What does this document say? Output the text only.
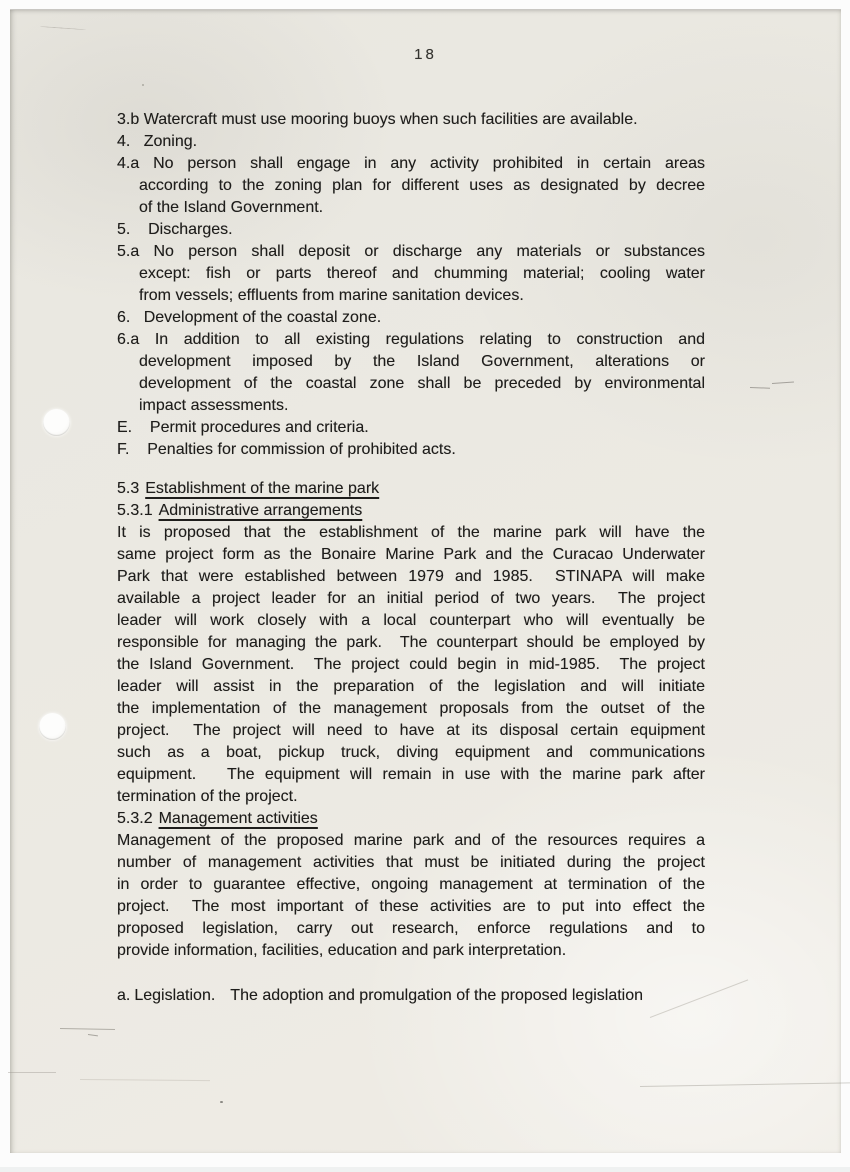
18
3.b Watercraft must use mooring buoys when such facilities are available.
4. Zoning.
4.a No person shall engage in any activity prohibited in certain areas
according to the zoning plan for different uses as designated by decree
of the Island Government.
5. Discharges.
5.a No person shall deposit or discharge any materials or substances
except: fish or parts thereof and chumming material; cooling water
from vessels; effluents from marine sanitation devices.
6. Development of the coastal zone.
6.a In addition to all existing regulations relating to construction and
development imposed by the Island Government, alterations or
development of the coastal zone shall be preceded by environmental
impact assessments.
E. Permit procedures and criteria.
F. Penalties for commission of prohibited acts.
5.3 Establishment of the marine park
5.3.1 Administrative arrangements
It is proposed that the establishment of the marine park will have the
same project form as the Bonaire Marine Park and the Curacao Underwater
Park that were established between 1979 and 1985.  STINAPA will make
available a project leader for an initial period of two years.  The project
leader will work closely with a local counterpart who will eventually be
responsible for managing the park.  The counterpart should be employed by
the Island Government.  The project could begin in mid-1985.  The project
leader will assist in the preparation of the legislation and will initiate
the implementation of the management proposals from the outset of the
project.  The project will need to have at its disposal certain equipment
such as a boat, pickup truck, diving equipment and communications
equipment.   The equipment will remain in use with the marine park after
termination of the project.
5.3.2 Management activities
Management of the proposed marine park and of the resources requires a
number of management activities that must be initiated during the project
in order to guarantee effective, ongoing management at termination of the
project.  The most important of these activities are to put into effect the
proposed legislation, carry out research, enforce regulations and to
provide information, facilities, education and park interpretation.
a. Legislation. The adoption and promulgation of the proposed legislation
